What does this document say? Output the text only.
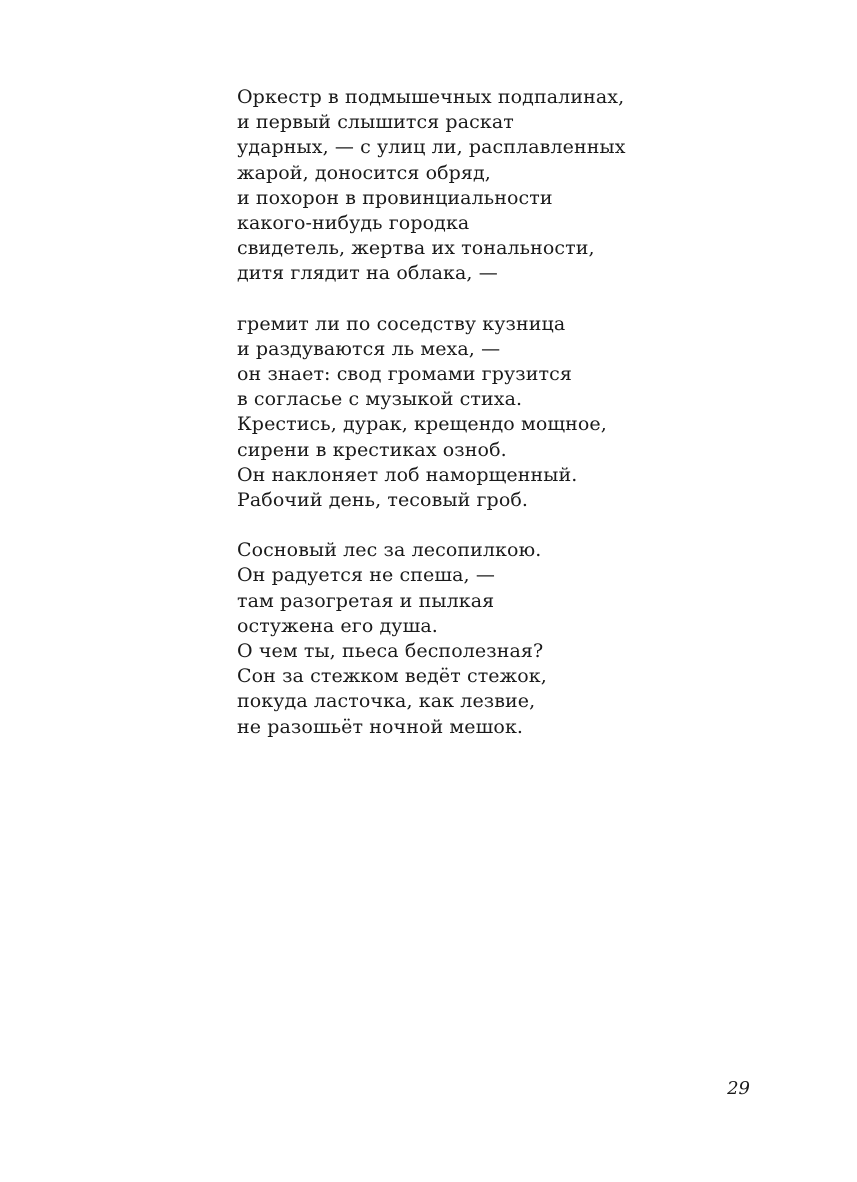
Оркестр в подмышечных подпалинах,
и первый слышится раскат
ударных, — с улиц ли, расплавленных
жарой, доносится обряд,
и похорон в провинциальности
какого-нибудь городка
свидетель, жертва их тональности,
дитя глядит на облака, —
гремит ли по соседству кузница
и раздуваются ль меха, —
он знает: свод громами грузится
в согласье с музыкой стиха.
Крестись, дурак, крещендо мощное,
сирени в крестиках озноб.
Он наклоняет лоб наморщенный.
Рабочий день, тесовый гроб.
Сосновый лес за лесопилкою.
Он радуется не спеша, —
там разогретая и пылкая
остужена его душа.
О чем ты, пьеса бесполезная?
Сон за стежком ведёт стежок,
покуда ласточка, как лезвие,
не разошьёт ночной мешок.
29
